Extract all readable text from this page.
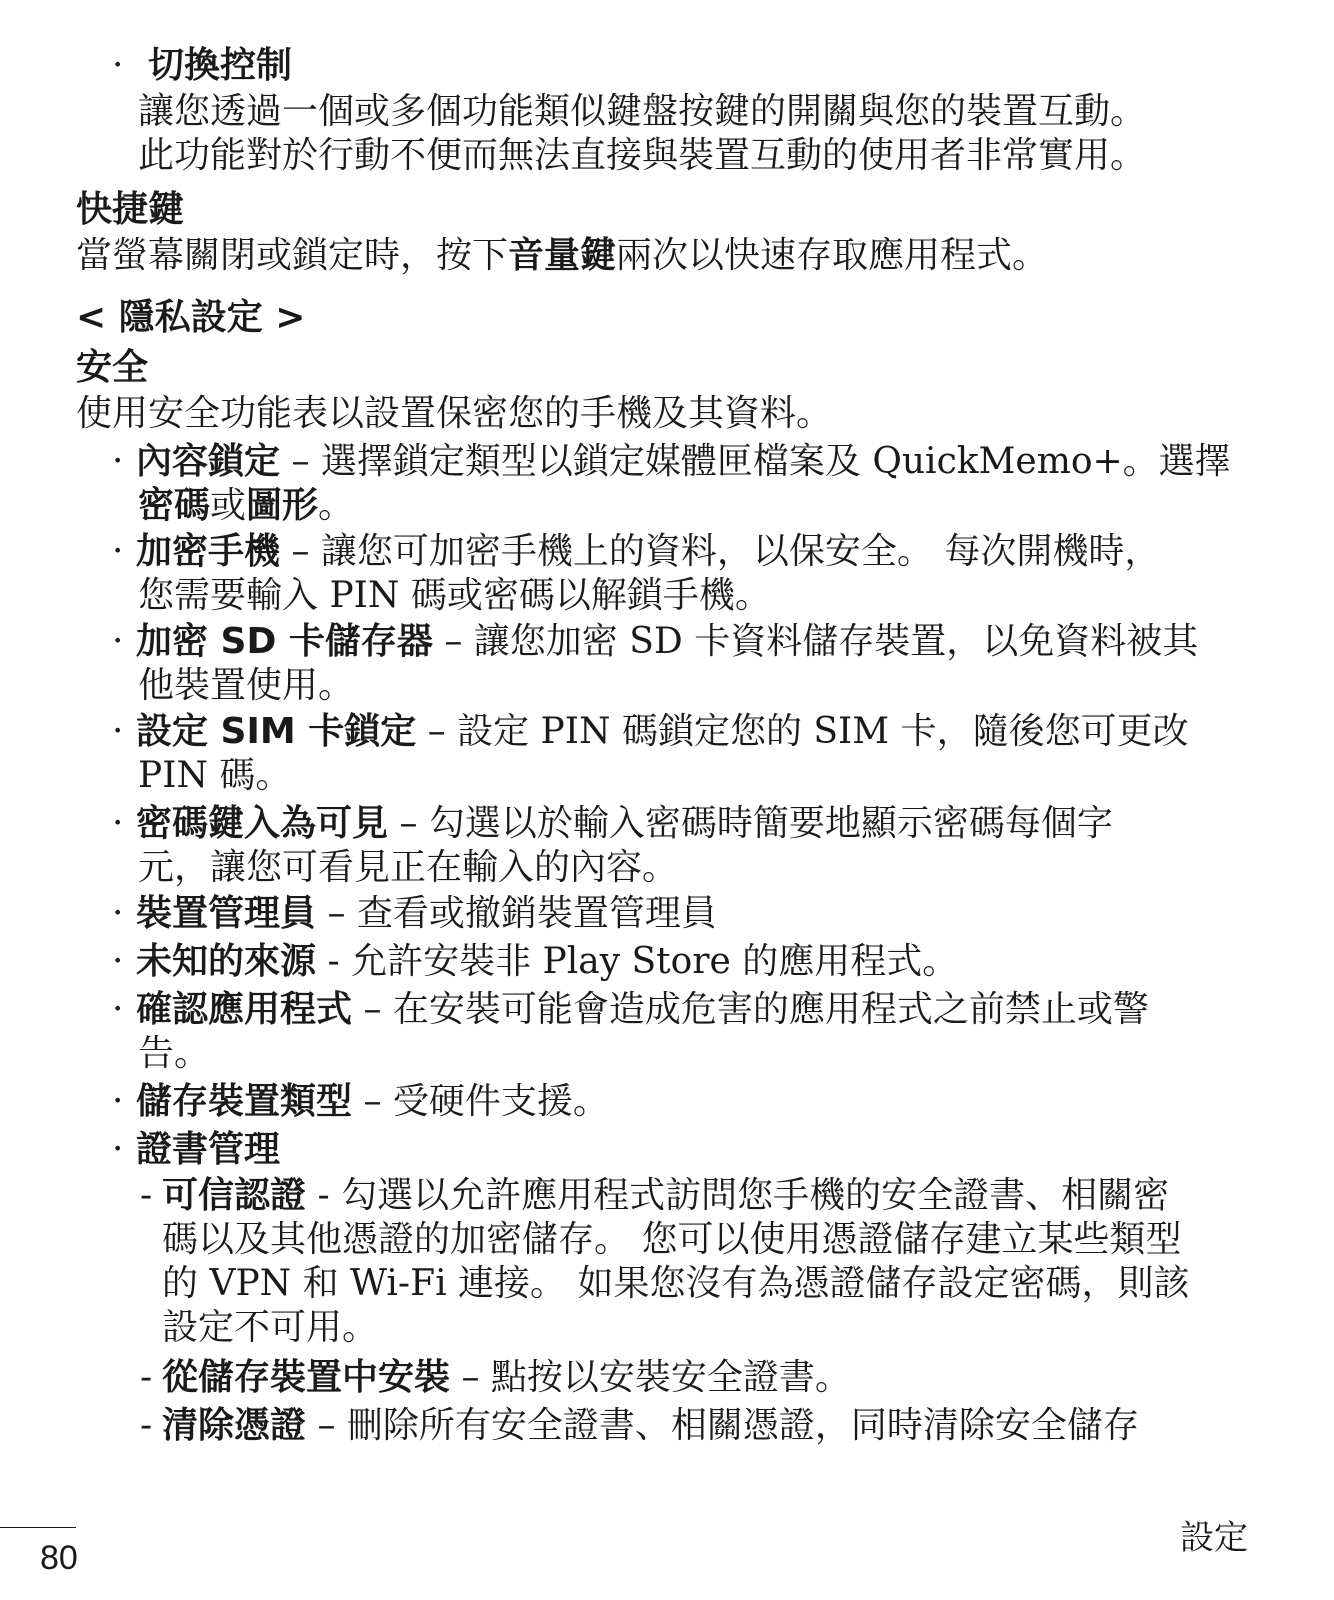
· 切換控制
讓您透過一個或多個功能類似鍵盤按鍵的開關與您的裝置互動。
此功能對於行動不便而無法直接與裝置互動的使用者非常實用。
快捷鍵
當螢幕關閉或鎖定時，按下音量鍵兩次以快速存取應用程式。
< 隱私設定 >
安全
使用安全功能表以設置保密您的手機及其資料。
· 內容鎖定 – 選擇鎖定類型以鎖定媒體匣檔案及 QuickMemo+。選擇
密碼或圖形。
· 加密手機 – 讓您可加密手機上的資料，以保安全。 每次開機時，
您需要輸入 PIN 碼或密碼以解鎖手機。
· 加密 SD 卡儲存器 – 讓您加密 SD 卡資料儲存裝置，以免資料被其
他裝置使用。
· 設定 SIM 卡鎖定 – 設定 PIN 碼鎖定您的 SIM 卡，隨後您可更改
PIN 碼。
· 密碼鍵入為可見 – 勾選以於輸入密碼時簡要地顯示密碼每個字
元，讓您可看見正在輸入的內容。
· 裝置管理員 – 查看或撤銷裝置管理員
· 未知的來源 - 允許安裝非 Play Store 的應用程式。
· 確認應用程式 – 在安裝可能會造成危害的應用程式之前禁止或警
告。
· 儲存裝置類型 – 受硬件支援。
· 證書管理
- 可信認證 - 勾選以允許應用程式訪問您手機的安全證書、相關密
碼以及其他憑證的加密儲存。 您可以使用憑證儲存建立某些類型
的 VPN 和 Wi-Fi 連接。 如果您沒有為憑證儲存設定密碼，則該
設定不可用。
- 從儲存裝置中安裝 – 點按以安裝安全證書。
- 清除憑證 – 刪除所有安全證書、相關憑證，同時清除安全儲存
80	設定
